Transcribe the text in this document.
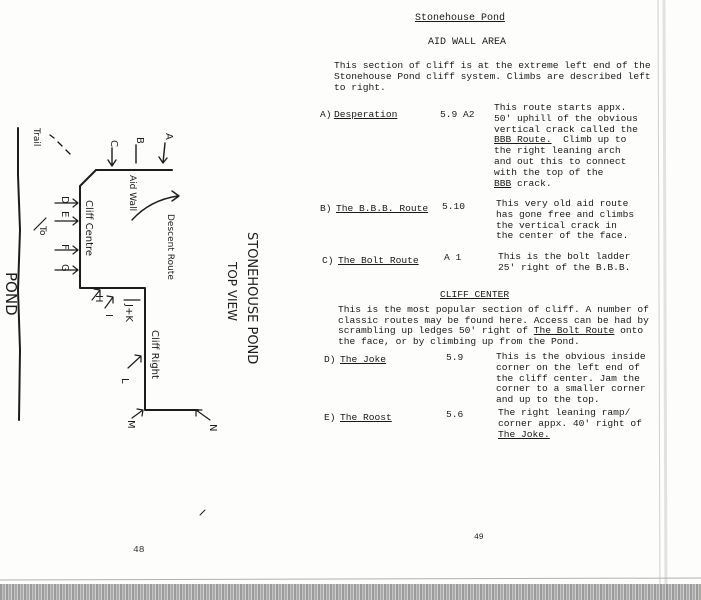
A
B
C
D
E
F
G
H
I J+K
L
M	N
Trail
Aid Wall
Descent Route
Cliff Centre
Cliff Right
POND	STONEHOUSE POND
TOP VIEW
To
48
Stonehouse Pond
AID WALL AREA
This section of cliff is at the extreme left end of the Stonehouse Pond cliff system. Climbs are described left to right.
A) Desperation	5.9 A2
This route starts appx.
50' uphill of the obvious
vertical crack called the
BBB Route. Climb up to
the right leaning arch
and out this to connect
with the top of the
BBB crack.
B) The B.B.B. Route 5.10	This very old aid route
has gone free and climbs
the vertical crack in
the center of the face.
C) The Bolt Route	A 1	This is the bolt ladder
25' right of the B.B.B.
CLIFF CENTER
This is the most popular section of cliff. A number of
classic routes may be found here. Access can be had by
scrambling up ledges 50' right of The Bolt Route onto
the face, or by climbing up from the Pond.
D) The Joke	5.9	This is the obvious inside
corner on the left end of
the cliff center. Jam the
corner to a smaller corner
and up to the top.
E) The Roost	5.6	The right leaning ramp/
corner appx. 40' right of
The Joke.
49
